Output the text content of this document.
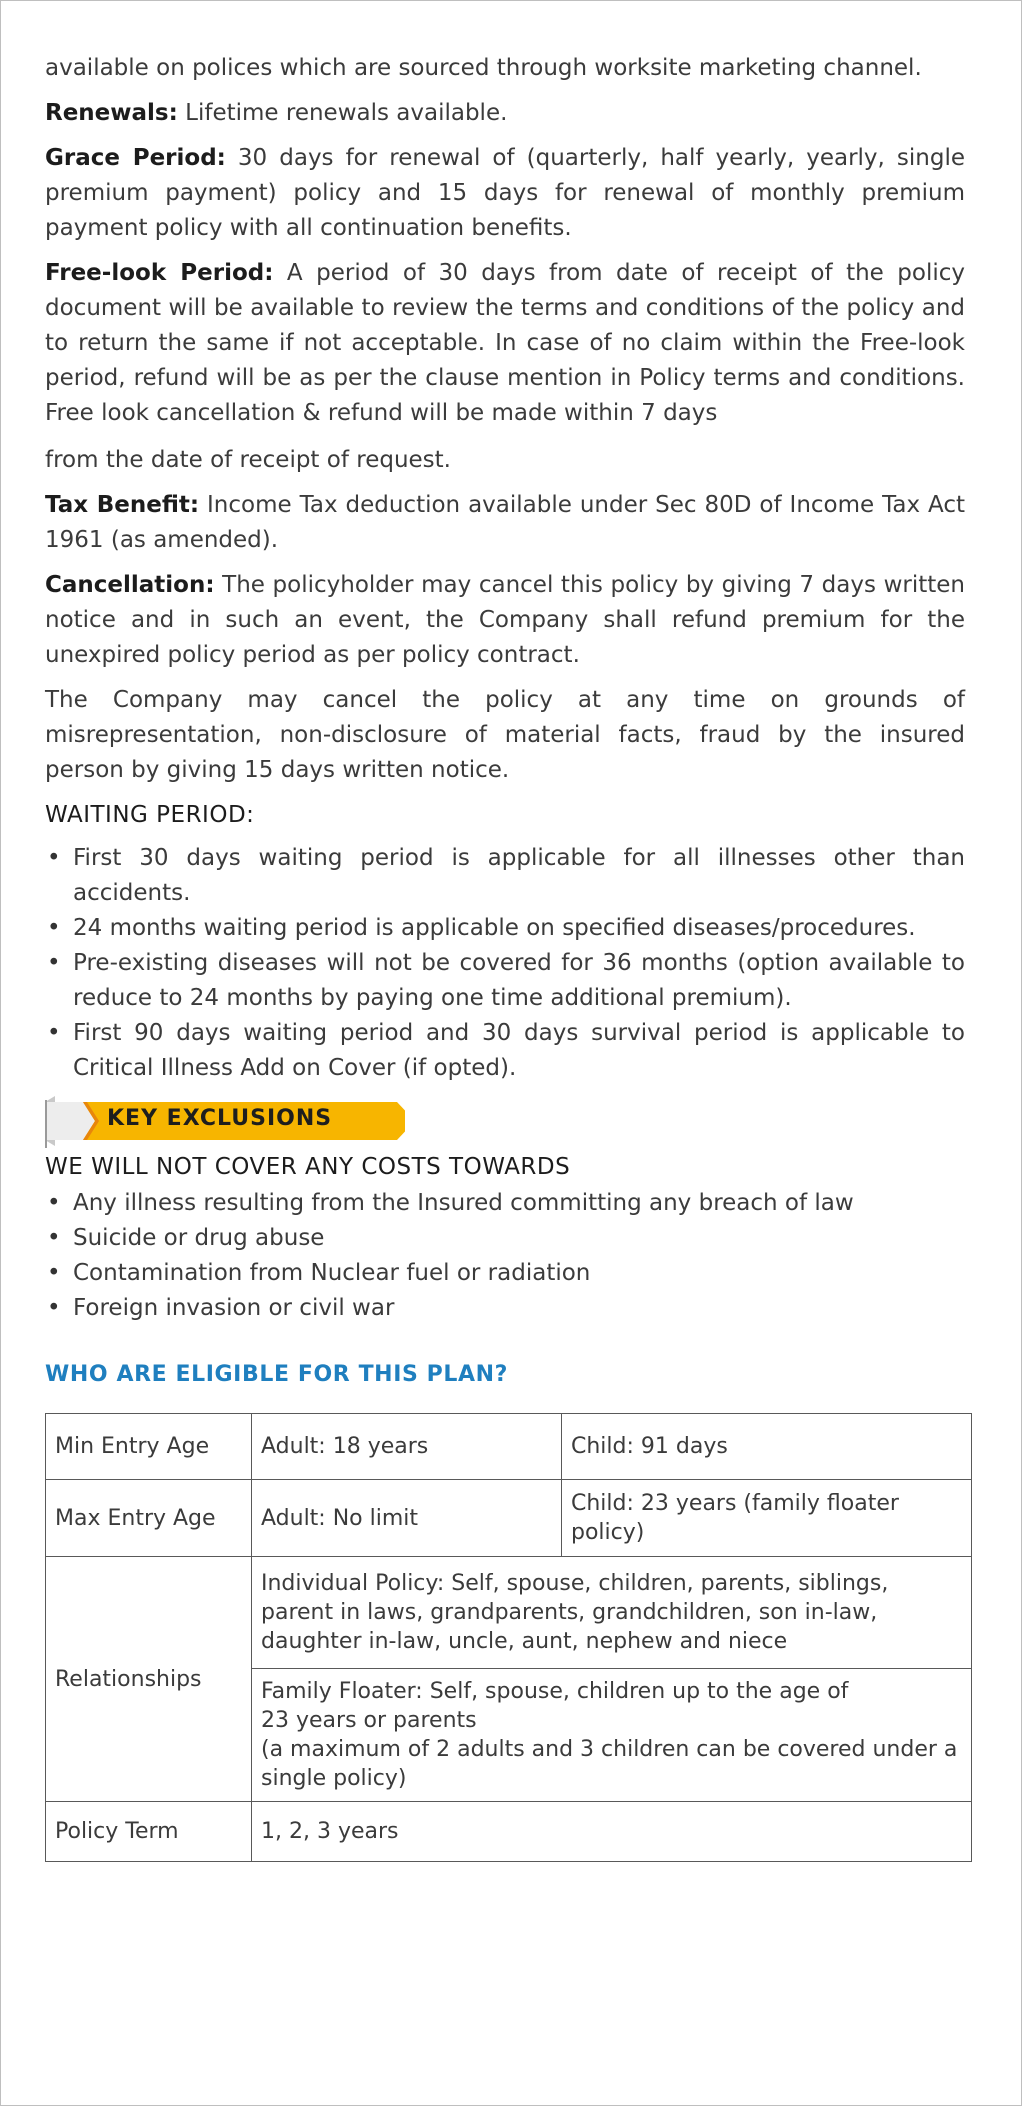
available on polices which are sourced through worksite marketing channel.

Renewals: Lifetime renewals available.

Grace Period: 30 days for renewal of (quarterly, half yearly, yearly, single premium payment) policy and 15 days for renewal of monthly premium payment policy with all continuation benefits.

Free-look Period: A period of 30 days from date of receipt of the policy document will be available to review the terms and conditions of the policy and to return the same if not acceptable. In case of no claim within the Free-look period, refund will be as per the clause mention in Policy terms and conditions. Free look cancellation & refund will be made within 7 days

from the date of receipt of request.

Tax Benefit: Income Tax deduction available under Sec 80D of Income Tax Act 1961 (as amended).

Cancellation: The policyholder may cancel this policy by giving 7 days written notice and in such an event, the Company shall refund premium for the unexpired policy period as per policy contract.

The Company may cancel the policy at any time on grounds of misrepresentation, non-disclosure of material facts, fraud by the insured person by giving 15 days written notice.

WAITING PERIOD:
• First 30 days waiting period is applicable for all illnesses other than accidents.
• 24 months waiting period is applicable on specified diseases/procedures.
• Pre-existing diseases will not be covered for 36 months (option available to reduce to 24 months by paying one time additional premium).
• First 90 days waiting period and 30 days survival period is applicable to Critical Illness Add on Cover (if opted).
KEY EXCLUSIONS
WE WILL NOT COVER ANY COSTS TOWARDS
• Any illness resulting from the Insured committing any breach of law
• Suicide or drug abuse
• Contamination from Nuclear fuel or radiation
• Foreign invasion or civil war
WHO ARE ELIGIBLE FOR THIS PLAN?
Min Entry Age	Adult: 18 years	Child: 91 days
Max Entry Age	Adult: No limit	Child: 23 years (family floater policy)
Relationships	Individual Policy: Self, spouse, children, parents, siblings, parent in laws, grandparents, grandchildren, son in-law, daughter in-law, uncle, aunt, nephew and niece	

	Family Floater: Self, spouse, children up to the age of
23 years or parents
(a maximum of 2 adults and 3 children can be covered under a single policy)	

Policy Term	1, 2, 3 years	
